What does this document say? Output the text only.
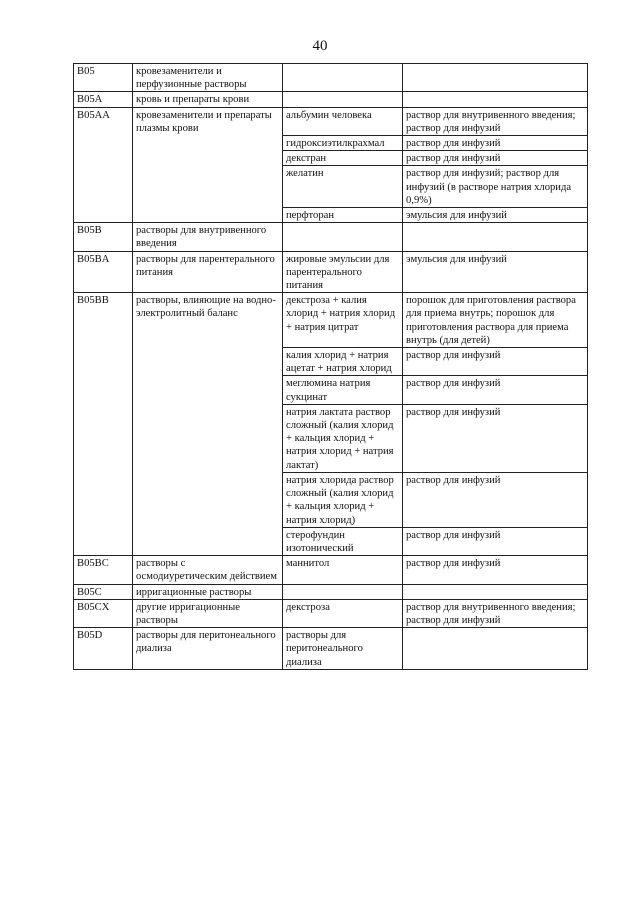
40
B05	кровезаменители и перфузионные растворы		
B05A	кровь и препараты крови		
B05AA	кровезаменители и препараты плазмы крови	альбумин человека	раствор для внутривенного введения; раствор для инфузий
		гидроксиэтилкрахмал	раствор для инфузий
		декстран	раствор для инфузий
		желатин	раствор для инфузий; раствор для инфузий (в растворе натрия хлорида 0,9%)
		перфторан	эмульсия для инфузий
B05B	растворы для внутривенного введения		
B05BA	растворы для парентерального питания	жировые эмульсии для парентерального питания	эмульсия для инфузий
B05BB	растворы, влияющие на водно-электролитный баланс	декстроза + калия хлорид + натрия хлорид + натрия цитрат	порошок для приготовления раствора для приема внутрь; порошок для приготовления раствора для приема внутрь (для детей)
		калия хлорид + натрия ацетат + натрия хлорид	раствор для инфузий
		меглюмина натрия сукцинат	раствор для инфузий
		натрия лактата раствор сложный (калия хлорид + кальция хлорид + натрия хлорид + натрия лактат)	раствор для инфузий
		натрия хлорида раствор сложный (калия хлорид + кальция хлорид + натрия хлорид)	раствор для инфузий
		стерофундин изотонический	раствор для инфузий
B05BC	растворы с осмодиуретическим действием	маннитол	раствор для инфузий
B05C	ирригационные растворы		
B05CX	другие ирригационные растворы	декстроза	раствор для внутривенного введения; раствор для инфузий
B05D	растворы для перитонеального диализа	растворы для перитонеального диализа	
